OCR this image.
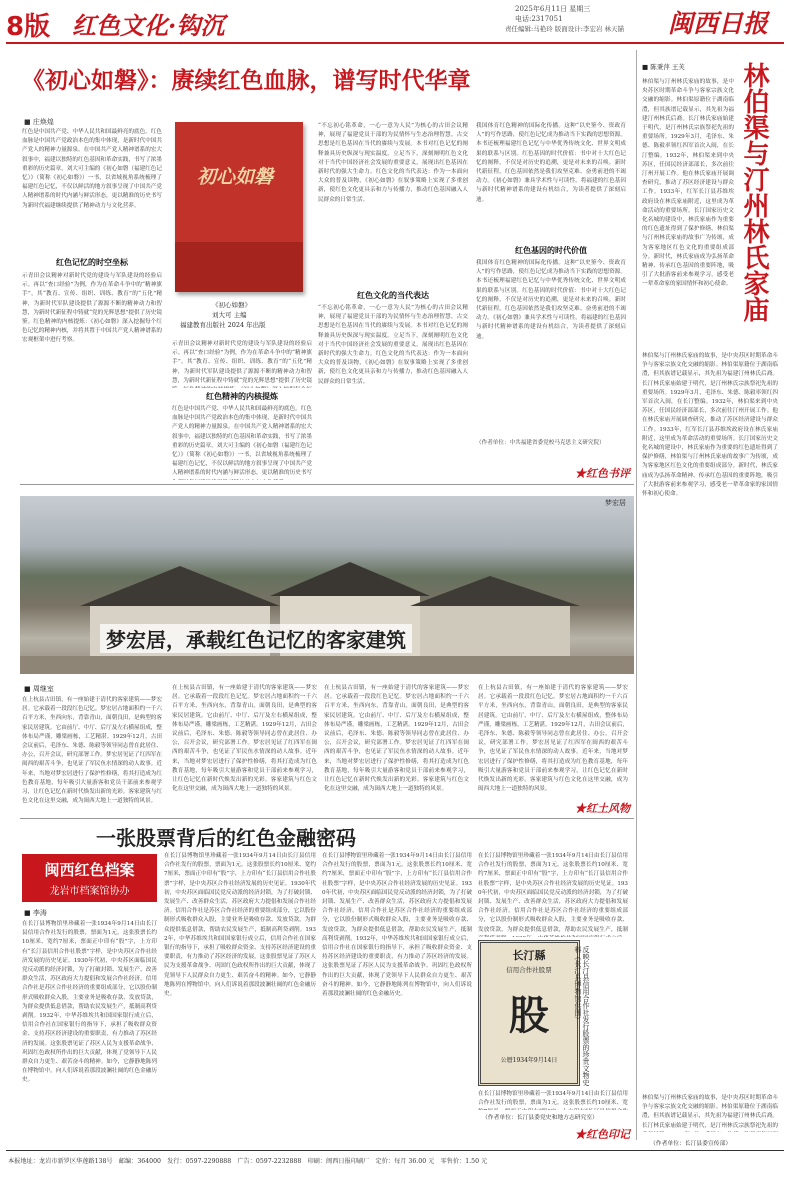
8版 红色文化·钩沉
2025年6月11日 星期三
电话:2317051
责任编辑:马艳玲 版面设计:李宏岩 林天锚 闽西日报
《初心如磐》：赓续红色血脉，谱写时代华章
■ 庄焕煌
初心如磐
《初心如磐》
刘大可 主编
福建教育出版社 2024 年出版
红色是中国共产党、中华人民共和国最鲜亮的底色。红色血脉是中国共产党政治本色的集中体现，是新时代中国共产党人的精神力量源泉。在中国共产党人精神谱系的宏大叙事中，福建以独特的红色基因和革命实践，书写了浓墨重彩的历史篇章。刘大可主编的《初心如磐（福建红色记忆）》（简称《初心如磐》）一书，以省域视角系统梳理了福建红色记忆，不仅以鲜活的地方叙事呈现了中国共产党人精神谱系的时代内涵与鲜活形态，更以精准的历史书写为新时代福建继续提供了精神动力与文化营养。
红色记忆的时空坐标
示青田会议精神对新时代党的建设与军队建设的经验启示。再以“查口经验”为例，作为在革命斗争中的“精神旗手”，其“教育、宣传、组织、训练、教育”的“五化”精神，为新时代军队建设提供了源源不断的精神动力和智慧，为新时代新征程中铸就“党的光辉思想”提供了历史镜鉴。红色精神的内核提炼：《初心如磐》深入挖掘每个红色记忆的精神内核，并将其置于中国共产党人精神谱系的宏观框架中进行考察。
示青田会议精神对新时代党的建设与军队建设的经验启示。再以“查口经验”为例，作为在革命斗争中的“精神旗手”，其“教育、宣传、组织、训练、教育”的“五化”精神，为新时代军队建设提供了源源不断的精神动力和智慧，为新时代新征程中铸就“党的光辉思想”提供了历史镜
红色精神的内核提炼
红色是中国共产党、中华人民共和国最鲜亮的底色。红色血脉是中国共产党政治本色的集中体现，是新时代中国共产党人的精神力量源泉。在中国共产党人精神谱系的宏大叙事中，福建以独特的红色基因和革命实践，书写了浓墨重彩的历史篇章。刘大可主编的《初心如磐（福建红色记忆）》（简称《初心如磐》）一书，以省域视角系统梳理了福建红色记忆，不仅以鲜活的地方叙事呈现了中国共产党人精神谱系的时代内涵与鲜活形态，更以精准的历史书写
“不忘初心铭革命，一心一意为人民”为核心的古田会议精神，展现了福建党员干部的为民情怀与生态治理智慧。古交思想是红色基因在当代的赓续与发展。本书对红色记忆的阐释兼具历史纵深与现实温度。立足当下，深刻阐明红色文化对于当代中国经济社会发展的重要意义，展现出红色基因在新时代的强大生命力。红色文化的当代表达：作为一本面向大众的普及读物，《初心如磐》在叙事策略上实现了多重创新，使红色文化更具亲和力与传播力，推动红色基因融入人民群众的日常生活。
红色文化的当代表达
“不忘初心铭革命，一心一意为人民”为核心的古田会议精神，展现了福建党员干部的为民情怀与生态治理智慧。古交思想是红色基因在当代的赓续与发展。本书对红色记忆的阐释兼具历史纵深与现实温度。立足当下，深刻阐明红色文化对于当代中国经济社会发展的重要意义，展现出红色基因在新时代的强大生命力。红色文化的当代表达：作为一本面向大众的普及读物，《初心如磐》在叙事策略上实现了多重创新，使红色文化更具亲和力与传播力，推动红色基因融入人民群众的日常生活。
我国体育红色精神的国际化传播。这种“以史鉴今、资政育人”的写作思路，使红色记忆成为推动当下实践的思想资源。本书还梳理福建红色记忆与中华优秀传统文化、世界文明成果的联系与区别。红色基因的时代价值：书中对十大红色记忆的阐释，不仅是对历史的追溯，更是对未来的召唤。新时代新征程，红色基因依然是我们攻坚克难、奋勇前进的不竭动力。《初心如磐》兼具学术性与可读性，将福建的红色基因与新时代精神谱系的建设有机结合，为读者提供了深刻启迪。
红色基因的时代价值
我国体育红色精神的国际化传播。这种“以史鉴今、资政育人”的写作思路，使红色记忆成为推动当下实践的思想资源。本书还梳理福建红色记忆与中华优秀传统文化、世界文明成果的联系与区别。红色基因的时代价值：书中对十大红色记忆的阐释，不仅是对历史的追溯，更是对未来的召唤。新时代新征程，红色基因依然是我们攻坚克难、奋勇前进的不竭动力。《初心如磐》兼具学术性与可读性，将福建的红色基因与新时代精神谱系的建设有机结合，为读者提供了深刻启迪。
（作者单位：中共福建省委党校马克思主义研究院）
★红色书评
■ 陈秉萍 王芙 林伯渠与汀州林氏家庙
林伯渠与汀州林氏家庙的故事，是中央苏区时期革命斗争与客家宗族文化交融的缩影。林伯渠原籍位于湖南临澧，但其族谱记载显示，其先祖为福建汀州林氏后裔。长汀林氏家庙始建于明代，是汀州林氏宗族祭祀先祖的重要场所。1929年3月，毛泽东、朱德、陈毅率领红四军首次入闽，在长汀整编。1932年，林伯渠来到中央苏区，任国民经济部部长，多次前往汀州开展工作。他在林氏家庙开展调查研究，推动了苏区经济建设与群众工作。1933年，红军长汀县苏维埃政府设在林氏家庙附近，这里成为革命活动的重要场所。长汀国家历史文化名城的建设中，林氏家庙作为重要的红色遗址得到了保护修缮，林伯渠与汀州林氏家庙的故事广为传颂，成为客家地区红色文化的重要组成部分。新时代，林氏家庙成为弘扬革命精神、传承红色基因的重要阵地，吸引了大批游客前来参观学习，感受老一辈革命家的家国情怀和初心使命。
林伯渠与汀州林氏家庙的故事，是中央苏区时期革命斗争与客家宗族文化交融的缩影。林伯渠原籍位于湖南临澧，但其族谱记载显示，其先祖为福建汀州林氏后裔。长汀林氏家庙始建于明代，是汀州林氏宗族祭祀先祖的重要场所。1929年3月，毛泽东、朱德、陈毅率领红四军首次入闽，在长汀整编。1932年，林伯渠来到中央苏区，任国民经济部部长，多次前往汀州开展工作。他在林氏家庙开展调查研究，推动了苏区经济建设与群众工作。1933年，红军长汀县苏维埃政府设在林氏家庙附近，这里成为革命活动的重要场所。长汀国家历史文化名城的建设中，林氏家庙作为重要的红色遗址得到了保护修缮，林伯渠与汀州林氏家庙的故事广为传颂，成为客家地区红色文化的重要组成部分。新时代，林氏家庙成为弘扬革命精神、传承红色基因的重要阵地，吸引了大批游客前来参观学习，感受老一辈革命家的家国情怀和初心使命。
林伯渠与汀州林氏家庙的故事，是中央苏区时期革命斗争与客家宗族文化交融的缩影。林伯渠原籍位于湖南临澧，但其族谱记载显示，其先祖为福建汀州林氏后裔。长汀林氏家庙始建于明代，是汀州林氏宗族祭祀先祖的
（作者单位：长汀县委宣传部）
梦宏居
梦宏居，承载红色记忆的客家建筑
■ 周继室
在上杭县古田镇，有一座始建于清代的客家建筑——梦宏居。它承载着一段段红色记忆。梦宏居占地面积约一千六百平方米，坐西向东，背靠青山，面朝良田，是典型的客家民居建筑。它由前厅、中厅、后厅及左右横屋组成，整体布局严谨，雕梁画栋，工艺精湛。1929年12月，古田会议前后，毛泽东、朱德、陈毅等领导同志曾在此居住、办公，召开会议，研究部署工作。梦宏居见证了红四军在闽西的艰苦斗争，也见证了军民鱼水情深的动人故事。近年来，当地对梦宏居进行了保护性修缮，将其打造成为红色教育基地，每年吸引大量游客和党员干部前来参观学习，让红色记忆在新时代焕发出新的光彩。客家建筑与红色文化在这里交融，成为闽西大地上一道独特的风景。
在上杭县古田镇，有一座始建于清代的客家建筑——梦宏居。它承载着一段段红色记忆。梦宏居占地面积约一千六百平方米，坐西向东，背靠青山，面朝良田，是典型的客家民居建筑。它由前厅、中厅、后厅及左右横屋组成，整体布局严谨，雕梁画栋，工艺精湛。1929年12月，古田会议前后，毛泽东、朱德、陈毅等领导同志曾在此居住、办公，召开会议，研究部署工作。梦宏居见证了红四军在闽西的艰苦斗争，也见证了军民鱼水情深的动人故事。近年来，当地对梦宏居进行了保护性修缮，将其打造成为红色教育基地，每年吸引大量游客和党员干部前来参观学习，让红色记忆在新时代焕发出新的光彩。客家建筑与红色文化在这里交融，成为闽西大地上一道独特的风景。
在上杭县古田镇，有一座始建于清代的客家建筑——梦宏居。它承载着一段段红色记忆。梦宏居占地面积约一千六百平方米，坐西向东，背靠青山，面朝良田，是典型的客家民居建筑。它由前厅、中厅、后厅及左右横屋组成，整体布局严谨，雕梁画栋，工艺精湛。1929年12月，古田会议前后，毛泽东、朱德、陈毅等领导同志曾在此居住、办公，召开会议，研究部署工作。梦宏居见证了红四军在闽西的艰苦斗争，也见证了军民鱼水情深的动人故事。近年来，当地对梦宏居进行了保护性修缮，将其打造成为红色教育基地，每年吸引大量游客和党员干部前来参观学习，让红色记忆在新时代焕发出新的光彩。客家建筑与红色文化在这里交融，成为闽西大地上一道独特的风景。
在上杭县古田镇，有一座始建于清代的客家建筑——梦宏居。它承载着一段段红色记忆。梦宏居占地面积约一千六百平方米，坐西向东，背靠青山，面朝良田，是典型的客家民居建筑。它由前厅、中厅、后厅及左右横屋组成，整体布局严谨，雕梁画栋，工艺精湛。1929年12月，古田会议前后，毛泽东、朱德、陈毅等领导同志曾在此居住、办公，召开会议，研究部署工作。梦宏居见证了红四军在闽西的艰苦斗争，也见证了军民鱼水情深的动人故事。近年来，当地对梦宏居进行了保护性修缮，将其打造成为红色教育基地，每年吸引大量游客和党员干部前来参观学习，让红色记忆在新时代焕发出新的光彩。客家建筑与红色文化在这里交融，成为闽西大地上一道独特的风景。
★红土风物
一张股票背后的红色金融密码
闽西红色档案
龙岩市档案馆协办
■ 李涛
在长汀县博物馆里珍藏着一张1934年9月14日由长汀县信用合作社发行的股票，票面为1元。这张股票长约10厘米、宽约7厘米，票面正中印有“股”字，上方印有“长汀县信用合作社股票”字样，是中央苏区合作社经济发展的历史见证。1930年代初，中央苏区面临国民党反动派的经济封锁，为了打破封锁、发展生产、改善群众生活，苏区政府大力提倡和发展合作社经济。信用合作社是苏区合作社经济的重要组成部分，它以股份制形式吸收群众入股，主要业务是吸收存款、发放贷款，为群众提供低息借款，帮助农民发展生产，抵制高利贷剥削。1932年，中华苏维埃共和国国家银行成立后，信用合作社在国家银行的指导下，承担了吸收群众资金、支持苏区经济建设的重要职责，有力推动了苏区经济的发展。这张股票见证了苏区人民为支援革命战争、巩固红色政权所作出的巨大贡献，体现了党领导下人民群众自力更生、艰苦奋斗的精神。如今，它静静地陈列在博物馆中，向人们诉说着那段波澜壮阔的红色金融历史。
在长汀县博物馆里珍藏着一张1934年9月14日由长汀县信用合作社发行的股票，票面为1元。这张股票长约10厘米、宽约7厘米，票面正中印有“股”字，上方印有“长汀县信用合作社股票”字样，是中央苏区合作社经济发展的历史见证。1930年代初，中央苏区面临国民党反动派的经济封锁，为了打破封锁、发展生产、改善群众生活，苏区政府大力提倡和发展合作社经济。信用合作社是苏区合作社经济的重要组成部分，它以股份制形式吸收群众入股，主要业务是吸收存款、发放贷款，为群众提供低息借款，帮助农民发展生产，抵制高利贷剥削。1932年，中华苏维埃共和国国家银行成立后，信用合作社在国家银行的指导下，承担了吸收群众资金、支持苏区经济建设的重要职责，有力推动了苏区经济的发展。这张股票见证了苏区人民为支援革命战争、巩固红色政权所作出的巨大贡献，体现了党领导下人民群众自力更生、艰苦奋斗的精神。如今，它静静地陈列在博物馆中，向人们诉说着那段波澜壮阔的红色金融历史。
在长汀县博物馆里珍藏着一张1934年9月14日由长汀县信用合作社发行的股票，票面为1元。这张股票长约10厘米、宽约7厘米，票面正中印有“股”字，上方印有“长汀县信用合作社股票”字样，是中央苏区合作社经济发展的历史见证。1930年代初，中央苏区面临国民党反动派的经济封锁，为了打破封锁、发展生产、改善群众生活，苏区政府大力提倡和发展合作社经济。信用合作社是苏区合作社经济的重要组成部分，它以股份制形式吸收群众入股，主要业务是吸收存款、发放贷款，为群众提供低息借款，帮助农民发展生产，抵制高利贷剥削。1932年，中华苏维埃共和国国家银行成立后，信用合作社在国家银行的指导下，承担了吸收群众资金、支持苏区经济建设的重要职责，有力推动了苏区经济的发展。这张股票见证了苏区人民为支援革命战争、巩固红色政权所作出的巨大贡献，体现了党领导下人民群众自力更生、艰苦奋斗的精神。如今，它静静地陈列在博物馆中，向人们诉说着那段波澜壮阔的红色金融历史。
在长汀县博物馆里珍藏着一张1934年9月14日由长汀县信用合作社发行的股票，票面为1元。这张股票长约10厘米、宽约7厘米，票面正中印有“股”字，上方印有“长汀县信用合作社股票”字样，是中央苏区合作社经济发展的历史见证。1930年代初，中央苏区面临国民党反动派的经济封锁，为了打破封锁、发展生产、改善群众生活，苏区政府大力提倡和发展合作社经济。信用合作社是苏区合作社经济的重要组成部分，它以股份制形式吸收群众入股，主要业务是吸收存款、发放贷款，为群众提供低息借款，帮助农民发展生产，抵制
长汀縣
信用合作社股票
股
公曆1934年9月14日	反映长汀县信用合作社发行股票的珍贵文物史料（长汀县博物馆供图）
在长汀县博物馆里珍藏着一张1934年9月14日由长汀县信用合作社发行的股票，票面为1元。这张股票长约10厘米、宽
（作者单位：长汀县委党史和地方志研究室）
★红色印记
本报地址：龙岩市新罗区华莲路138号　邮编：364000　发行：0597-2290888　广告：0597-2232888　印刷：闽西日报印刷厂　定价：每月 36.00 元　零售价：1.50 元
